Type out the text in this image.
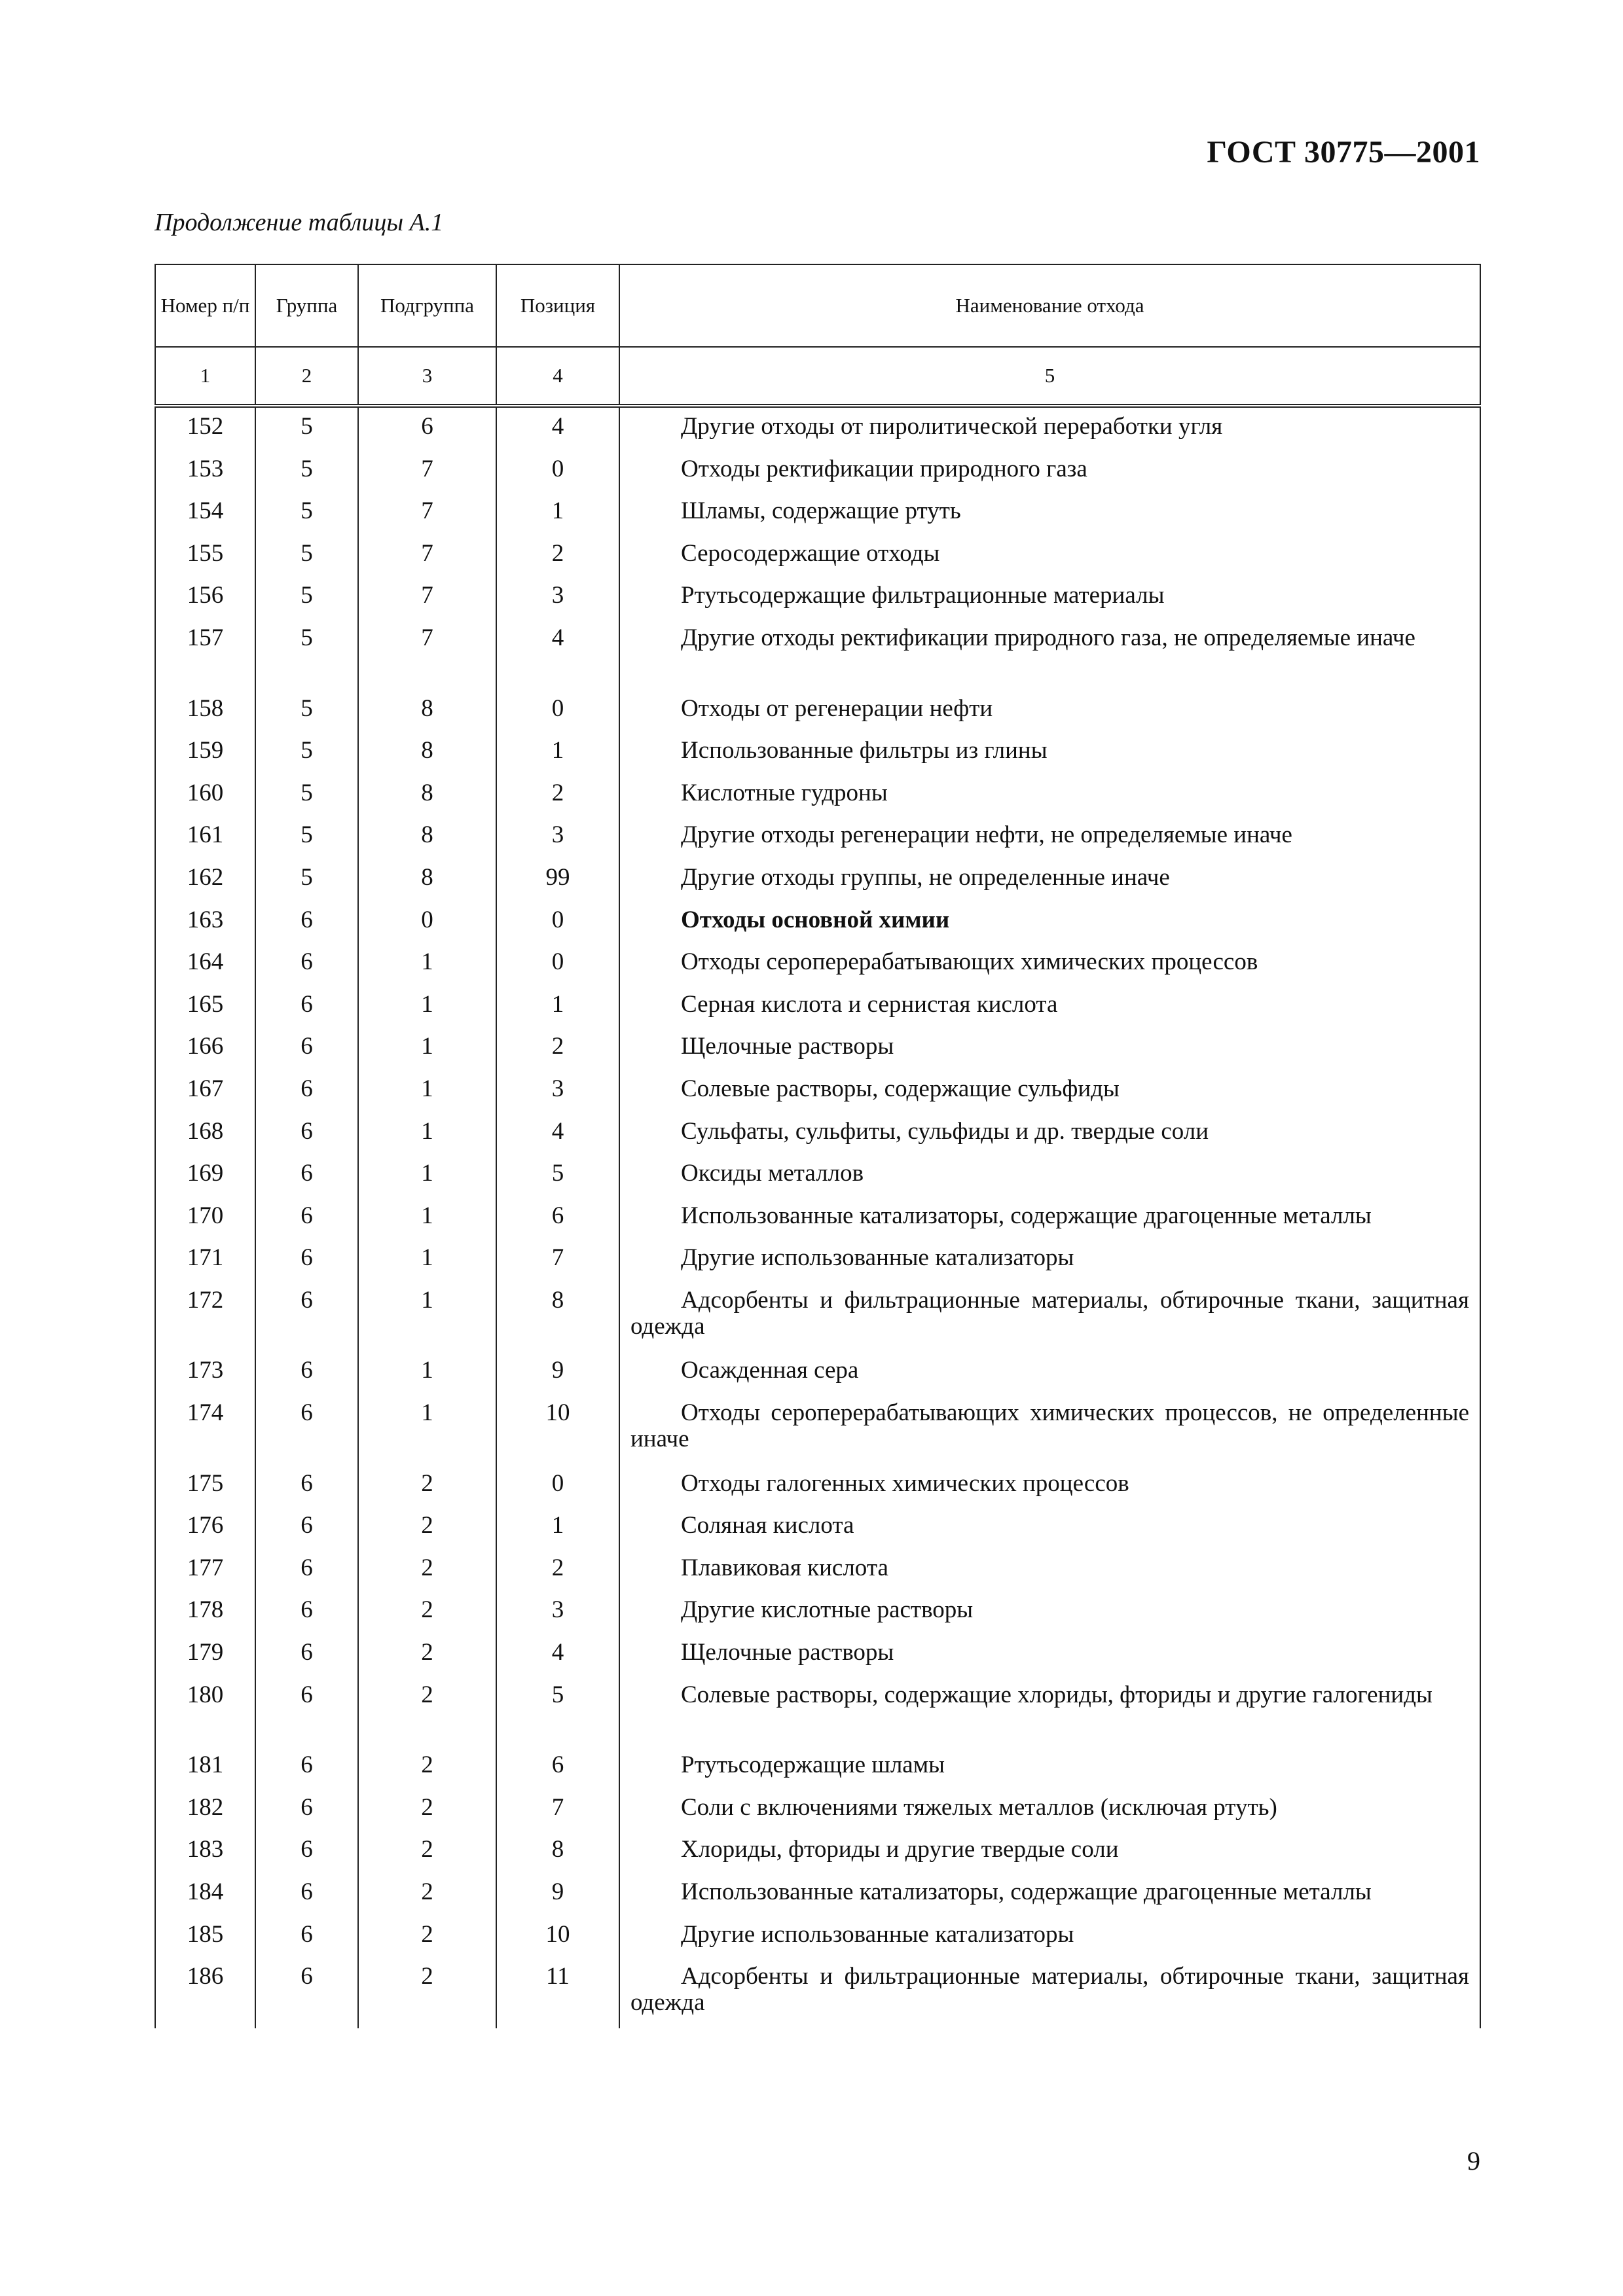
ГОСТ 30775—2001
Продолжение таблицы А.1
Номер п/п	Группа	Подгруппа	Позиция	Наименование отхода
1	2	3	4	5

152	5	6	4	Другие отходы от пиролитической переработки угля

153	5	7	0	Отходы ректификации природного газа

154	5	7	1	Шламы, содержащие ртуть

155	5	7	2	Серосодержащие отходы

156	5	7	3	Ртутьсодержащие фильтрационные материалы

157	5	7	4	Другие отходы ректификации природного газа, не определяемые иначе

158	5	8	0	Отходы от регенерации нефти

159	5	8	1	Использованные фильтры из глины

160	5	8	2	Кислотные гудроны

161	5	8	3	Другие отходы регенерации нефти, не определяемые иначе

162	5	8	99	Другие отходы группы, не определенные иначе

163	6	0	0	Отходы основной химии

164	6	1	0	Отходы сероперерабатывающих химических процессов

165	6	1	1	Серная кислота и сернистая кислота

166	6	1	2	Щелочные растворы

167	6	1	3	Солевые растворы, содержащие сульфиды

168	6	1	4	Сульфаты, сульфиты, сульфиды и др. твердые соли

169	6	1	5	Оксиды металлов

170	6	1	6	Использованные катализаторы, содержащие драгоценные металлы

171	6	1	7	Другие использованные катализаторы

172	6	1	8	Адсорбенты и фильтрационные материалы, обтирочные ткани, защитная одежда

173	6	1	9	Осажденная сера

174	6	1	10	Отходы сероперерабатывающих химических процессов, не определенные иначе

175	6	2	0	Отходы галогенных химических процессов

176	6	2	1	Соляная кислота

177	6	2	2	Плавиковая кислота

178	6	2	3	Другие кислотные растворы

179	6	2	4	Щелочные растворы

180	6	2	5	Солевые растворы, содержащие хлориды, фториды и другие галогениды

181	6	2	6	Ртутьсодержащие шламы

182	6	2	7	Соли с включениями тяжелых металлов (исключая ртуть)

183	6	2	8	Хлориды, фториды и другие твердые соли

184	6	2	9	Использованные катализаторы, содержащие драгоценные металлы

185	6	2	10	Другие использованные катализаторы

186	6	2	11	Адсорбенты и фильтрационные материалы, обтирочные ткани, защитная одежда
9
